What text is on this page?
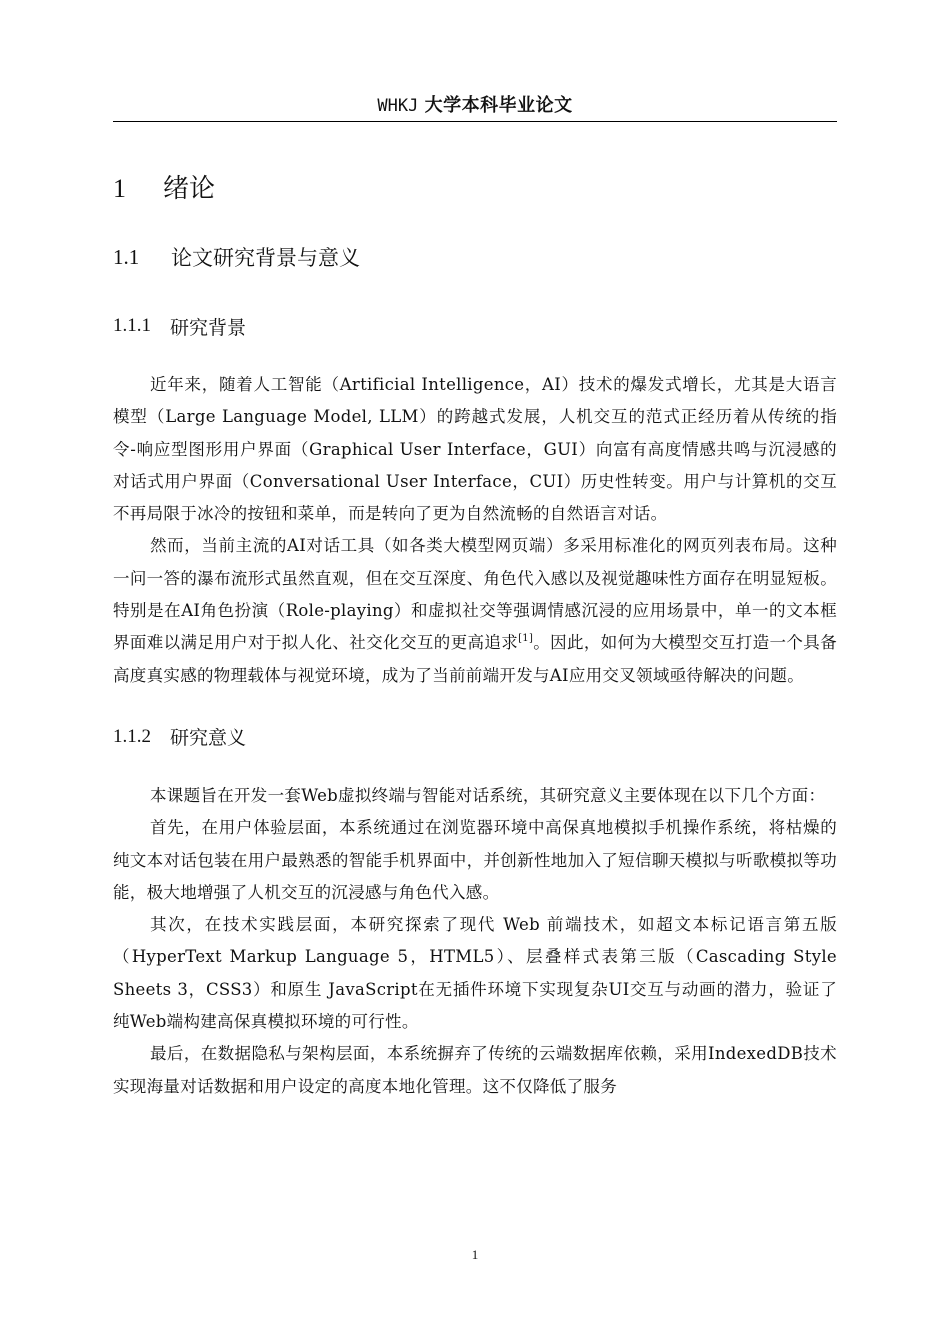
WHKJ 大学本科毕业论文
1	绪论
1.1	论文研究背景与意义
1.1.1	研究背景

近年来，随着人工智能（Artificial Intelligence，AI）技术的爆发式增长，尤其是大语言模型（Large Language Model, LLM）的跨越式发展，人机交互的范式正经历着从传统的指令-响应型图形用户界面（Graphical User Interface，GUI）向富有高度情感共鸣与沉浸感的对话式用户界面（Conversational User Interface，CUI）历史性转变。用户与计算机的交互不再局限于冰冷的按钮和菜单，而是转向了更为自然流畅的自然语言对话。

然而，当前主流的AI对话工具（如各类大模型网页端）多采用标准化的网页列表布局。这种一问一答的瀑布流形式虽然直观，但在交互深度、角色代入感以及视觉趣味性方面存在明显短板。特别是在AI角色扮演（Role-playing）和虚拟社交等强调情感沉浸的应用场景中，单一的文本框界面难以满足用户对于拟人化、社交化交互的更高追求[1]。因此，如何为大模型交互打造一个具备高度真实感的物理载体与视觉环境，成为了当前前端开发与AI应用交叉领域亟待解决的问题。

1.1.2	研究意义

本课题旨在开发一套Web虚拟终端与智能对话系统，其研究意义主要体现在以下几个方面：

首先，在用户体验层面，本系统通过在浏览器环境中高保真地模拟手机操作系统，将枯燥的纯文本对话包装在用户最熟悉的智能手机界面中，并创新性地加入了短信聊天模拟与听歌模拟等功能，极大地增强了人机交互的沉浸感与角色代入感。

其次，在技术实践层面，本研究探索了现代 Web 前端技术，如超文本标记语言第五版（HyperText Markup Language 5，HTML5）、层叠样式表第三版（Cascading Style Sheets 3，CSS3）和原生 JavaScript在无插件环境下实现复杂UI交互与动画的潜力，验证了纯Web端构建高保真模拟环境的可行性。

最后，在数据隐私与架构层面，本系统摒弃了传统的云端数据库依赖，采用IndexedDB技术实现海量对话数据和用户设定的高度本地化管理。这不仅降低了服务

1
